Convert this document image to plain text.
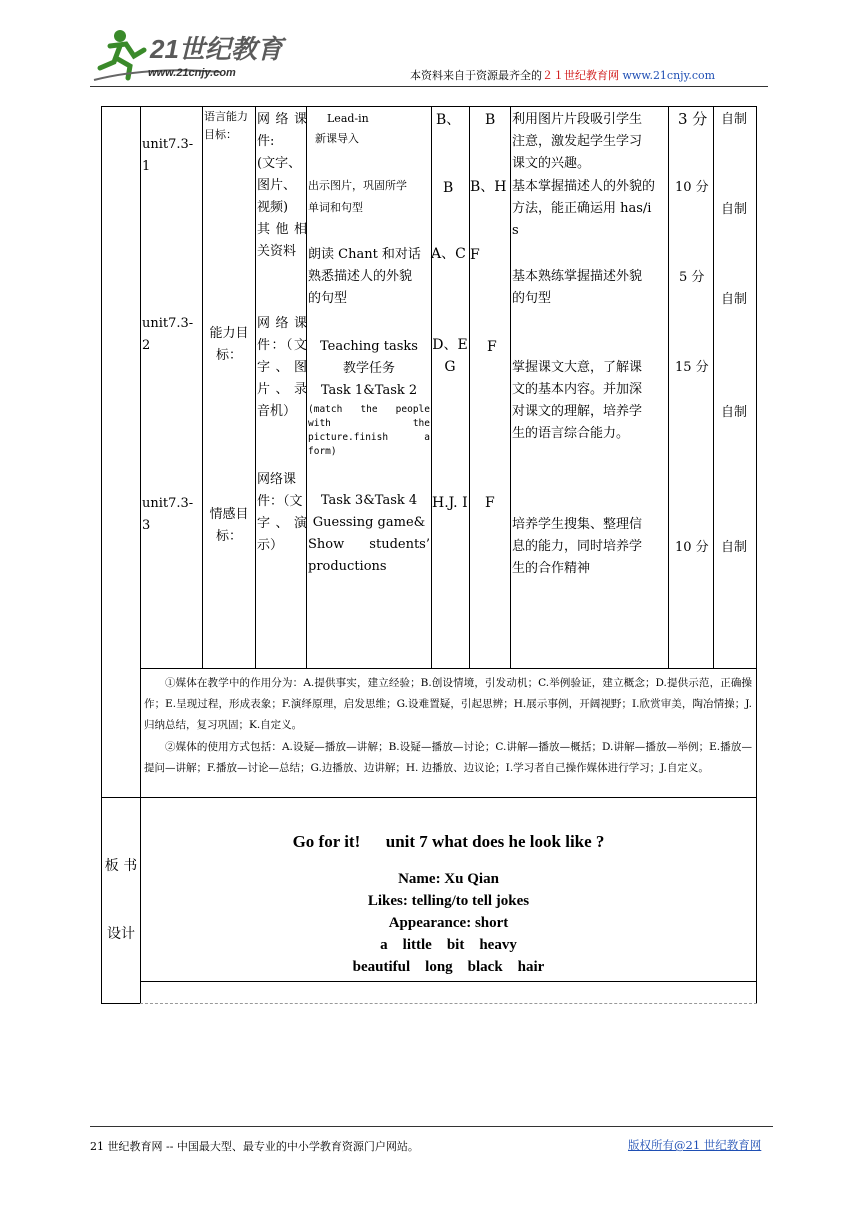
21世纪教育
www.21cnjy.com	本资料来自于资源最齐全的２１世纪教育网 www.21cnjy.com
unit7.3-1
语言能力目标：
网络课
件:
(文字、
图片、
视频)
其他相
关资料
Lead-in
新课导入
出示图片，巩固所学
单词和句型
朗读 Chant 和对话
熟悉描述人的外貌
的句型
B、
B
A、C
B
B、H
F
利用图片片段吸引学生
注意，激发起学生学习
课文的兴趣。
基本掌握描述人的外貌的
方法，能正确运用 has/i
s
基本熟练掌握描述外貌
的句型
3 分
10 分
5 分
自制
自制
自制
unit7.3-2
能力目标：
网络课
件：（文
字、图
片、录
音机）
Teaching tasks
教学任务
Task 1&Task 2
(match the people with the picture.finish a form)
D、E
G
F
掌握课文大意，了解课
文的基本内容。并加深
对课文的理解，培养学
生的语言综合能力。
15 分
自制
unit7.3-3
情感目标：
网络课
件：（文
字、演
示）
Task 3&Task 4
Guessing game&
Show students’
productions
H.J. I F
培养学生搜集、整理信
息的能力，同时培养学
生的合作精神
10 分 自制
①媒体在教学中的作用分为：A.提供事实，建立经验；B.创设情境，引发动机；C.举例验证，建立概念；D.提供示范，正确操作；E.呈现过程，形成表象；F.演绎原理，启发思维；G.设难置疑，引起思辨；H.展示事例，开阔视野；I.欣赏审美，陶冶情操；J.归纳总结，复习巩固；K.自定义。
②媒体的使用方式包括：A.设疑—播放—讲解；B.设疑—播放—讨论；C.讲解—播放—概括；D.讲解—播放—举例；E.播放—提问—讲解；F.播放—讨论—总结；G.边播放、边讲解；H. 边播放、边议论；I.学习者自己操作媒体进行学习；J.自定义。
板 书
设计
Go for it!      unit 7 what does he look like ?
Name: Xu Qian
Likes: telling/to tell jokes
Appearance: short
a    little    bit    heavy
beautiful    long    black    hair
21 世纪教育网 -- 中国最大型、最专业的中小学教育资源门户网站。	版权所有@21 世纪教育网
